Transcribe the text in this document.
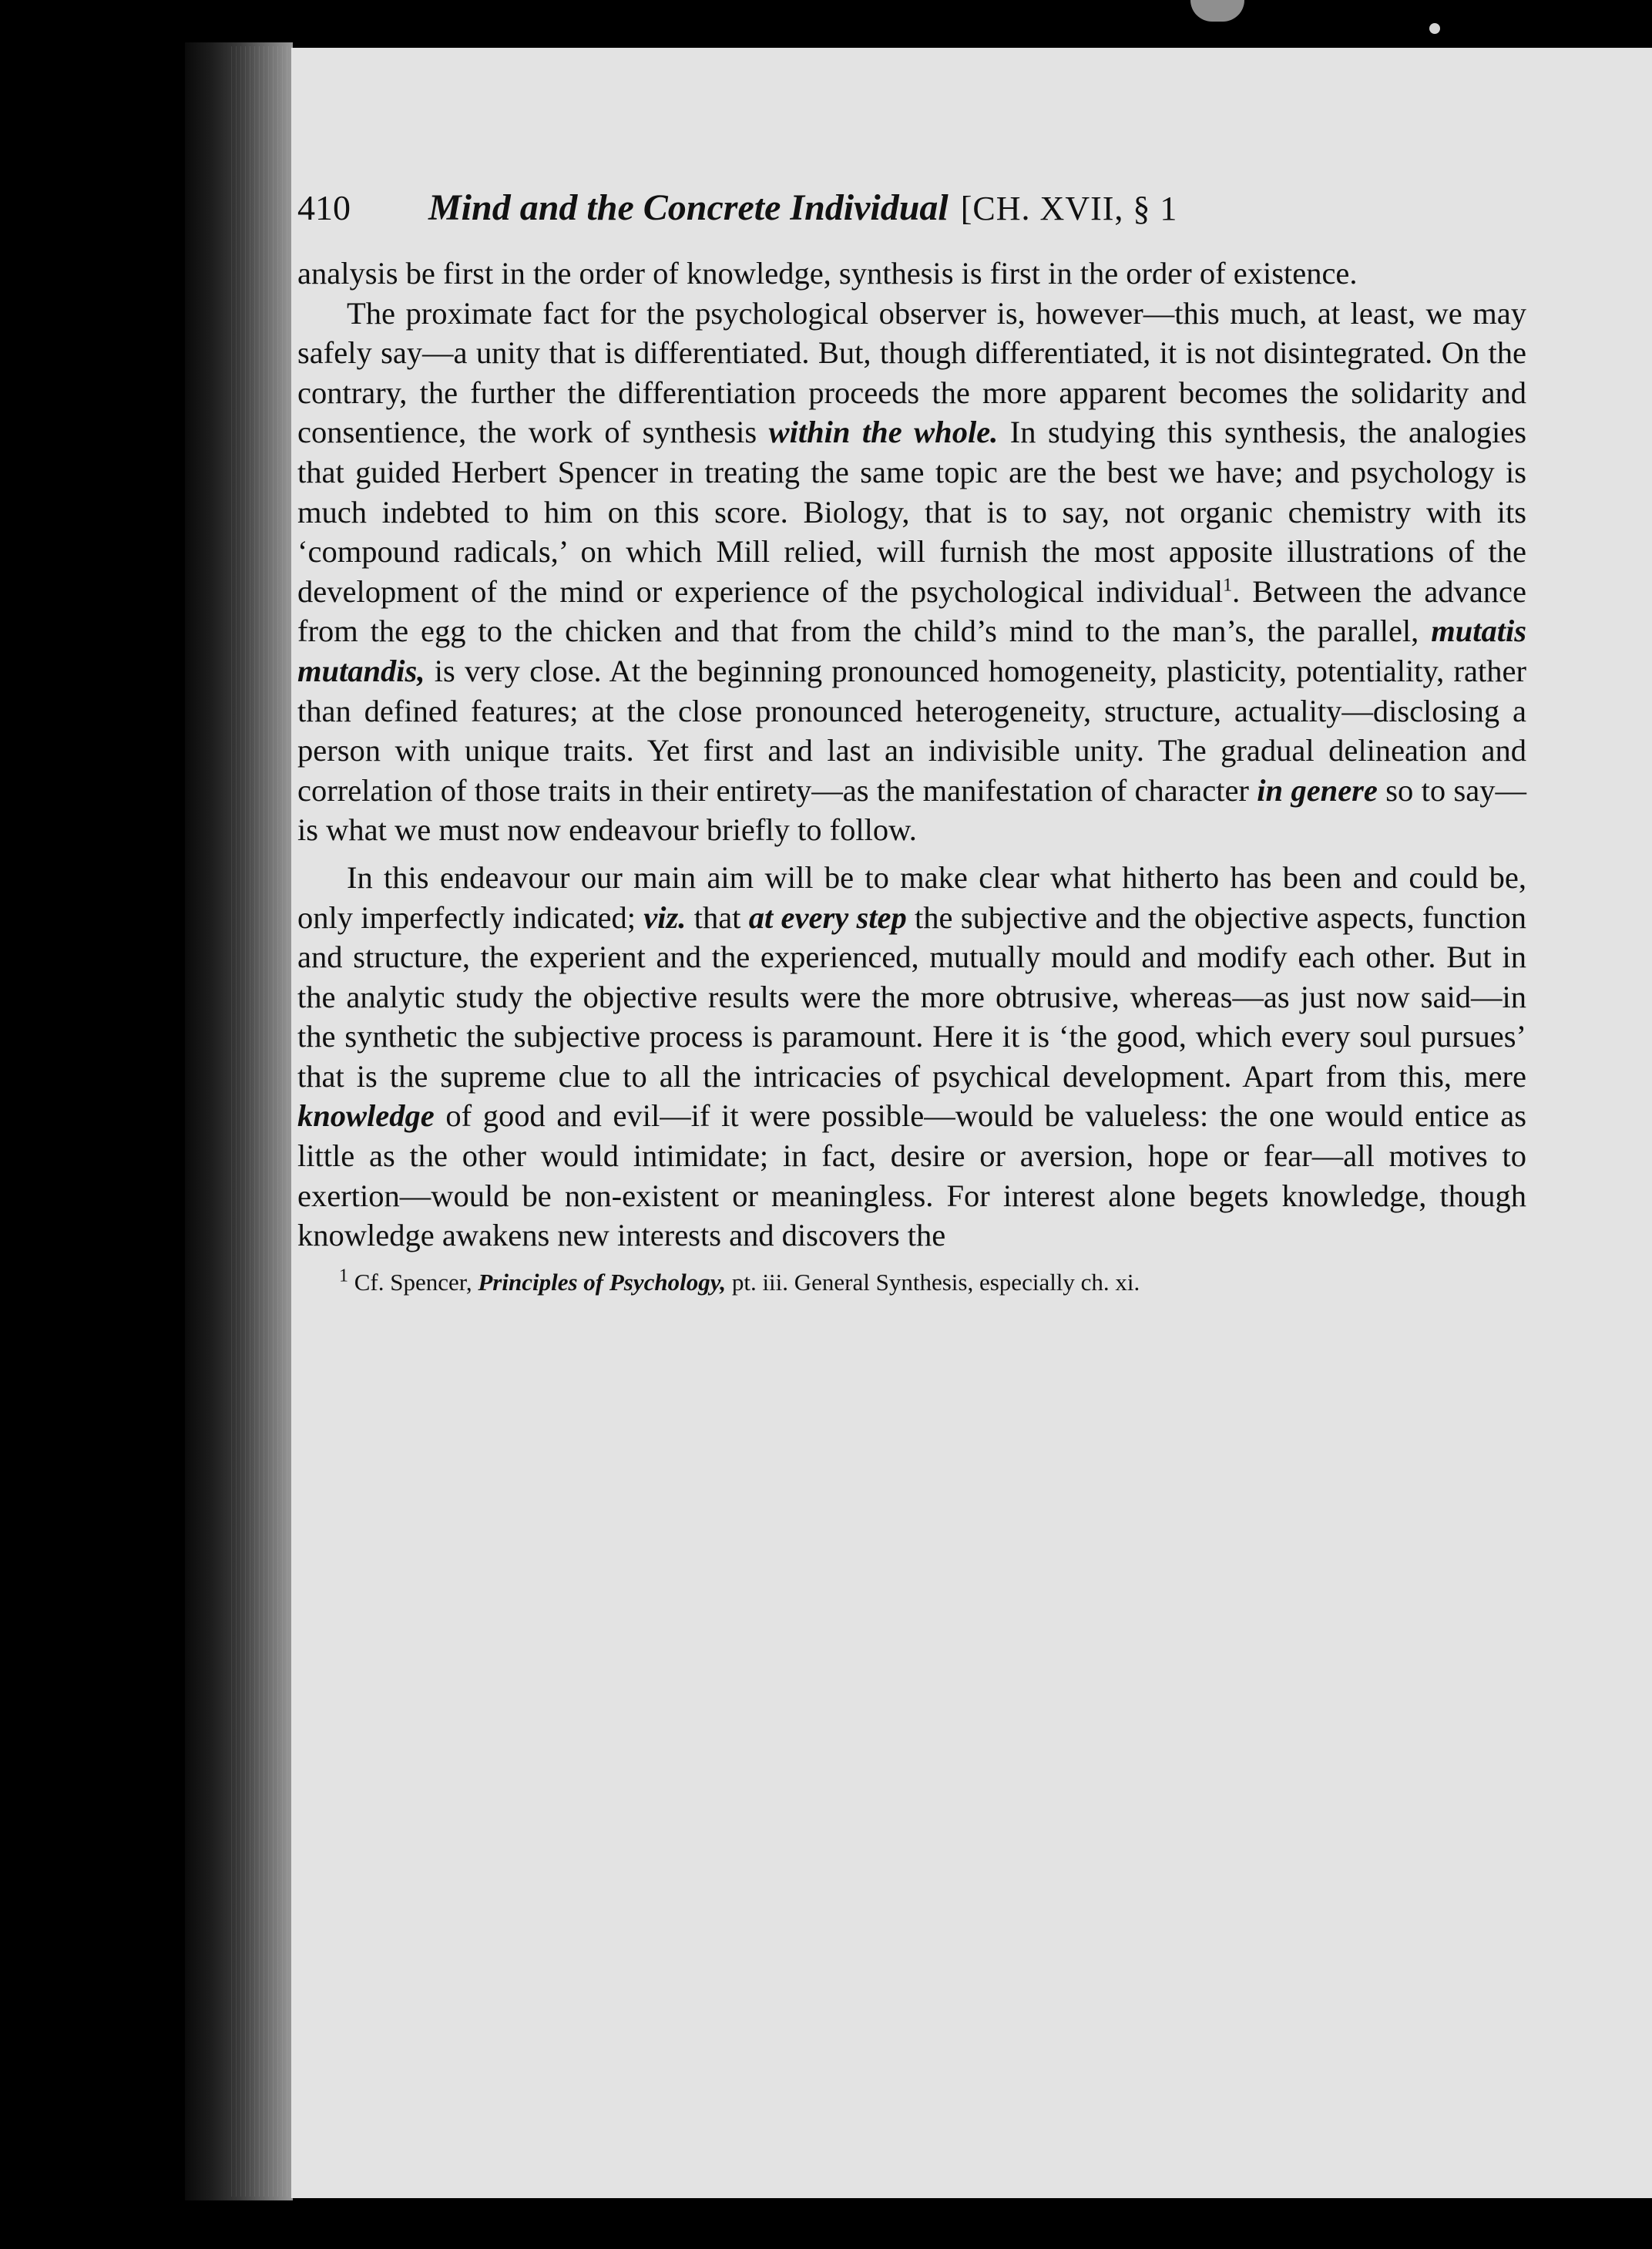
410	Mind and the Concrete Individual [CH. XVII, § 1

analysis be first in the order of knowledge, synthesis is first in the order of existence.

The proximate fact for the psychological observer is, however—this much, at least, we may safely say—a unity that is differentiated. But, though differentiated, it is not disintegrated. On the contrary, the further the differentiation proceeds the more apparent becomes the solidarity and consentience, the work of synthesis within the whole. In studying this synthesis, the analogies that guided Herbert Spencer in treating the same topic are the best we have; and psychology is much indebted to him on this score. Biology, that is to say, not organic chemistry with its ‘compound radicals,’ on which Mill relied, will furnish the most apposite illustrations of the development of the mind or experience of the psychological individual$^1$. Between the advance from the egg to the chicken and that from the child’s mind to the man’s, the parallel, mutatis mutandis, is very close. At the beginning pronounced homogeneity, plasticity, potentiality, rather than defined features; at the close pronounced heterogeneity, structure, actuality—disclosing a person with unique traits. Yet first and last an indivisible unity. The gradual delineation and correlation of those traits in their entirety—as the manifestation of character in genere so to say—is what we must now endeavour briefly to follow.

In this endeavour our main aim will be to make clear what hitherto has been and could be, only imperfectly indicated; viz. that at every step the subjective and the objective aspects, function and structure, the experient and the experienced, mutually mould and modify each other. But in the analytic study the objective results were the more obtrusive, whereas—as just now said—in the synthetic the subjective process is paramount. Here it is ‘the good, which every soul pursues’ that is the supreme clue to all the intricacies of psychical development. Apart from this, mere knowledge of good and evil—if it were possible—would be valueless: the one would entice as little as the other would intimidate; in fact, desire or aversion, hope or fear—all motives to exertion—would be non-existent or meaningless. For interest alone begets knowledge, though knowledge awakens new interests and discovers the

$^1$ Cf. Spencer, Principles of Psychology, pt. iii. General Synthesis, especially ch. xi.
